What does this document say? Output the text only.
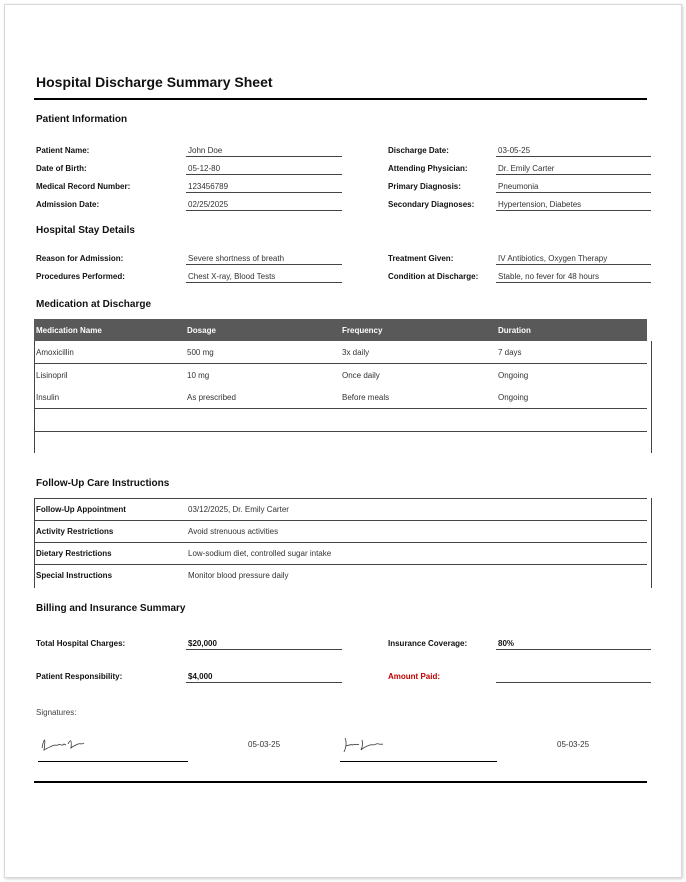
Hospital Discharge Summary Sheet
Patient Information
Patient Name:	John Doe
Date of Birth:	05-12-80
Medical Record Number:	123456789
Admission Date:	02/25/2025
Discharge Date:	03-05-25
Attending Physician:	Dr. Emily Carter
Primary Diagnosis:	Pneumonia
Secondary Diagnoses:	Hypertension, Diabetes
Hospital Stay Details
Reason for Admission:	Severe shortness of breath
Procedures Performed:	Chest X-ray, Blood Tests
Treatment Given:	IV Antibiotics, Oxygen Therapy
Condition at Discharge: Stable, no fever for 48 hours
Medication at Discharge
Medication Name	Dosage	Frequency	Duration
Amoxicillin	500 mg	3x daily	7 days
Lisinopril	10 mg	Once daily	Ongoing
Insulin	As prescribed	Before meals	Ongoing
Follow-Up Care Instructions
Follow-Up Appointment	03/12/2025, Dr. Emily Carter
Activity Restrictions	Avoid strenuous activities
Dietary Restrictions	Low-sodium diet, controlled sugar intake
Special Instructions	Monitor blood pressure daily
Billing and Insurance Summary
Total Hospital Charges:	$20,000	Insurance Coverage:	80%
Patient Responsibility:	$4,000	Amount Paid:
Signatures:
05-03-25	05-03-25
